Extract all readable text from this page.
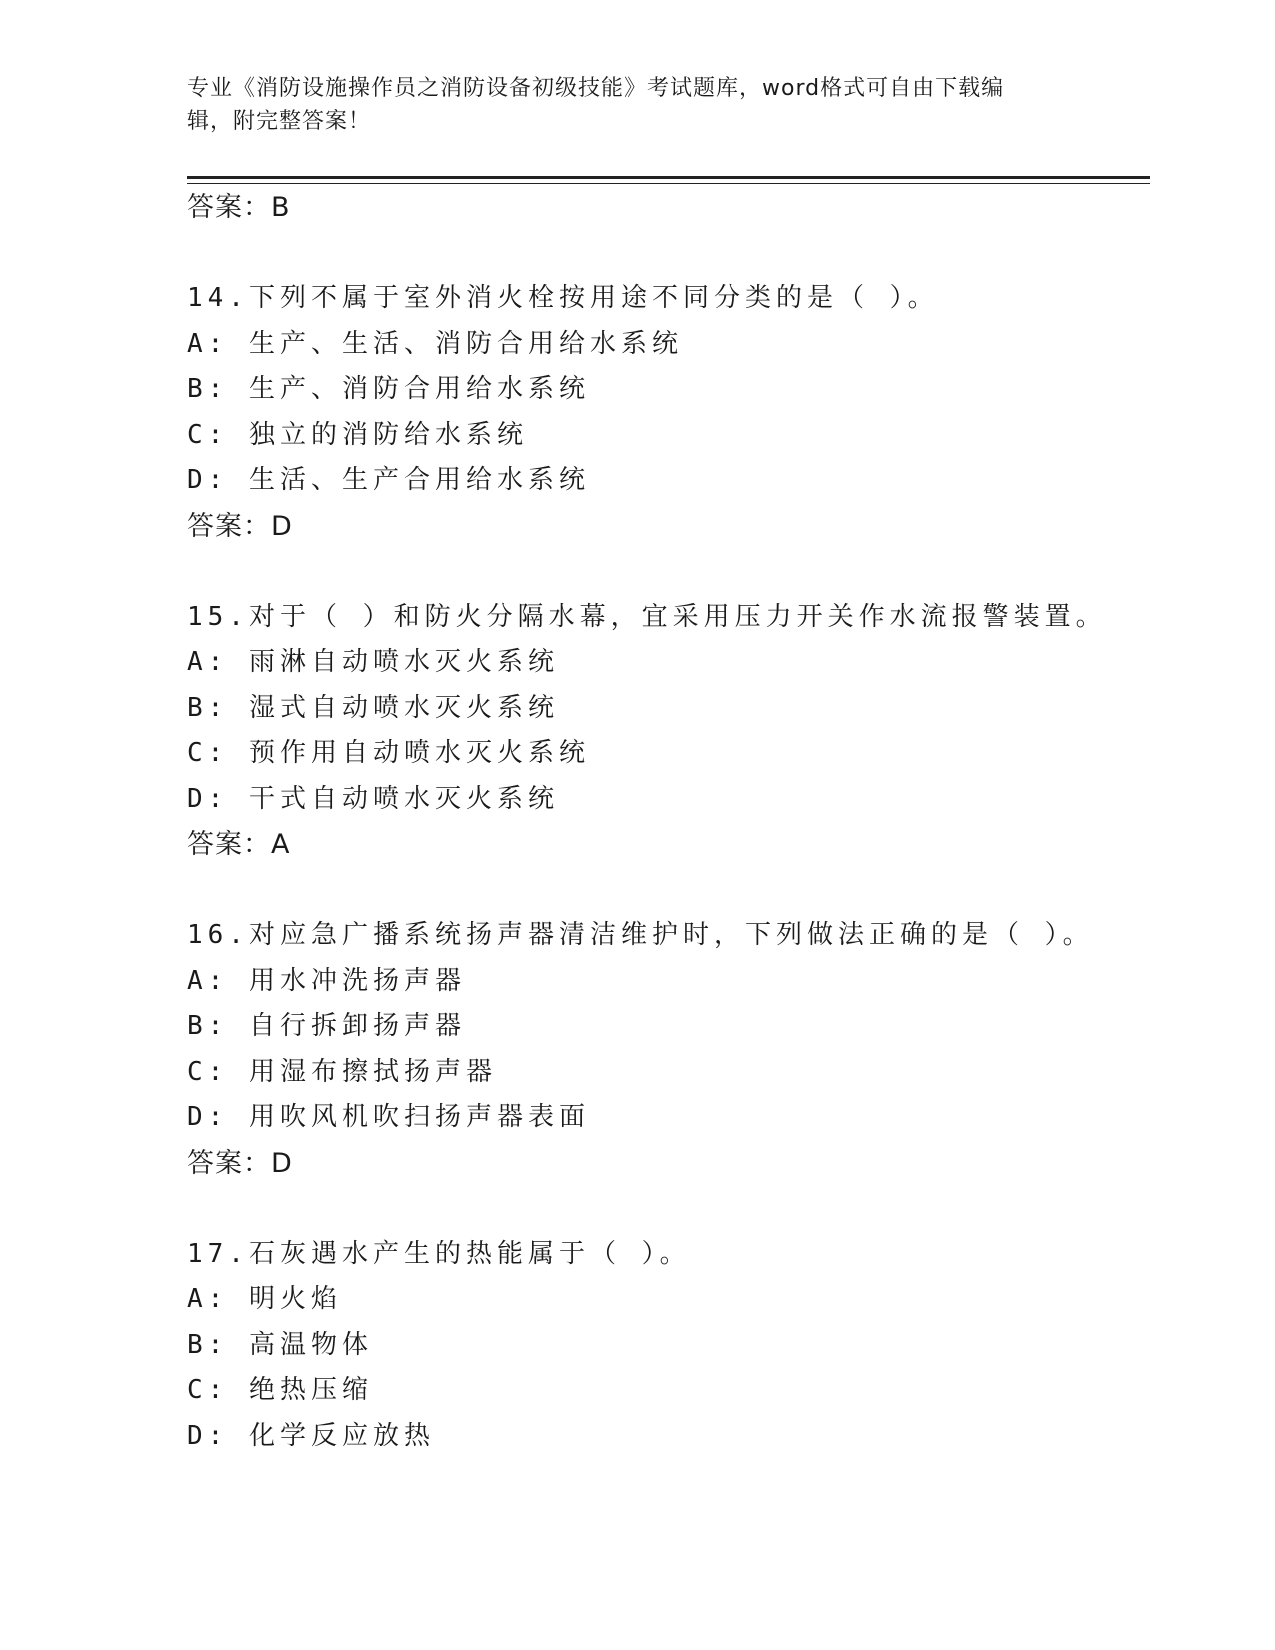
专业《消防设施操作员之消防设备初级技能》考试题库，word格式可自由下载编
辑，附完整答案！
答案：B
14.下列不属于室外消火栓按用途不同分类的是（ ）。
A: 生产、生活、消防合用给水系统
B: 生产、消防合用给水系统
C: 独立的消防给水系统
D: 生活、生产合用给水系统
答案：D
15.对于（ ）和防火分隔水幕，宜采用压力开关作水流报警装置。
A: 雨淋自动喷水灭火系统
B: 湿式自动喷水灭火系统
C: 预作用自动喷水灭火系统
D: 干式自动喷水灭火系统
答案：A
16.对应急广播系统扬声器清洁维护时，下列做法正确的是（ ）。
A: 用水冲洗扬声器
B: 自行拆卸扬声器
C: 用湿布擦拭扬声器
D: 用吹风机吹扫扬声器表面
答案：D
17.石灰遇水产生的热能属于（ ）。
A: 明火焰
B: 高温物体
C: 绝热压缩
D: 化学反应放热
